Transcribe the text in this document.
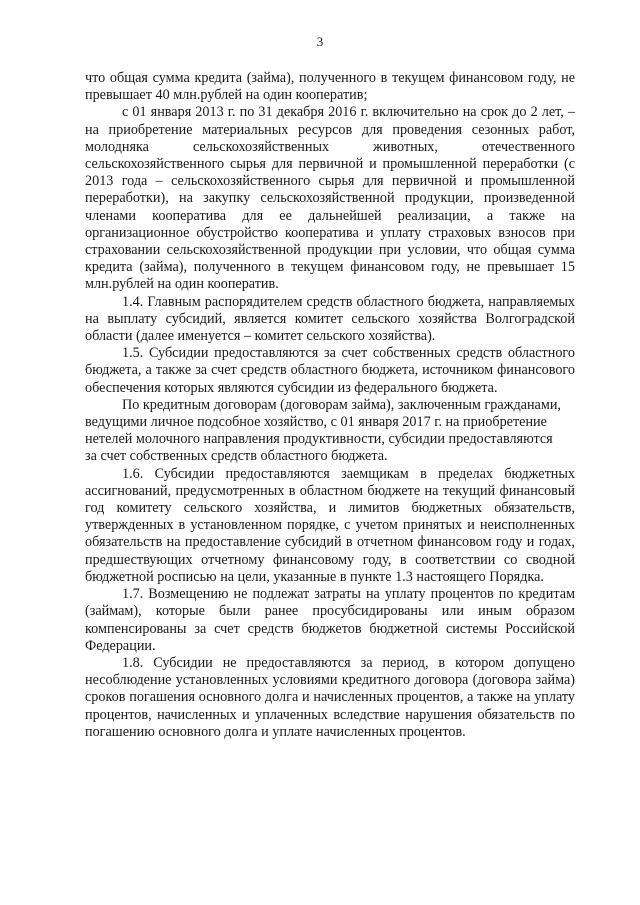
3

что общая сумма кредита (займа), полученного в текущем финансовом году, не превышает 40 млн.рублей на один кооператив;

с 01 января 2013 г. по 31 декабря 2016 г. включительно на срок до 2 лет, – на приобретение материальных ресурсов для проведения сезонных работ, молодняка сельскохозяйственных животных, отечественного сельскохозяйственного сырья для первичной и промышленной переработки (с 2013 года – сельскохозяйственного сырья для первичной и промышленной переработки), на закупку сельскохозяйственной продукции, произведенной членами кооператива для ее дальнейшей реализации, а также на организационное обустройство кооператива и уплату страховых взносов при страховании сельскохозяйственной продукции при условии, что общая сумма кредита (займа), полученного в текущем финансовом году, не превышает 15 млн.рублей на один кооператив.

1.4. Главным распорядителем средств областного бюджета, направляемых на выплату субсидий, является комитет сельского хозяйства Волгоградской области (далее именуется – комитет сельского хозяйства).

1.5. Субсидии предоставляются за счет собственных средств областного бюджета, а также за счет средств областного бюджета, источником финансового обеспечения которых являются субсидии из федерального бюджета.

По кредитным договорам (договорам займа), заключенным гражданами, ведущими личное подсобное хозяйство, с 01 января 2017 г. на приобретение нетелей молочного направления продуктивности, субсидии предоставляются

за счет собственных средств областного бюджета.

1.6. Субсидии предоставляются заемщикам в пределах бюджетных ассигнований, предусмотренных в областном бюджете на текущий финансовый год комитету сельского хозяйства, и лимитов бюджетных обязательств, утвержденных в установленном порядке, с учетом принятых и неисполненных обязательств на предоставление субсидий в отчетном финансовом году и годах, предшествующих отчетному финансовому году, в соответствии со сводной бюджетной росписью на цели, указанные в пункте 1.3 настоящего Порядка.

1.7. Возмещению не подлежат затраты на уплату процентов по кредитам (займам), которые были ранее просубсидированы или иным образом компенсированы за счет средств бюджетов бюджетной системы Российской Федерации.

1.8. Субсидии не предоставляются за период, в котором допущено несоблюдение установленных условиями кредитного договора (договора займа) сроков погашения основного долга и начисленных процентов, а также на уплату процентов, начисленных и уплаченных вследствие нарушения обязательств по погашению основного долга и уплате начисленных процентов.
